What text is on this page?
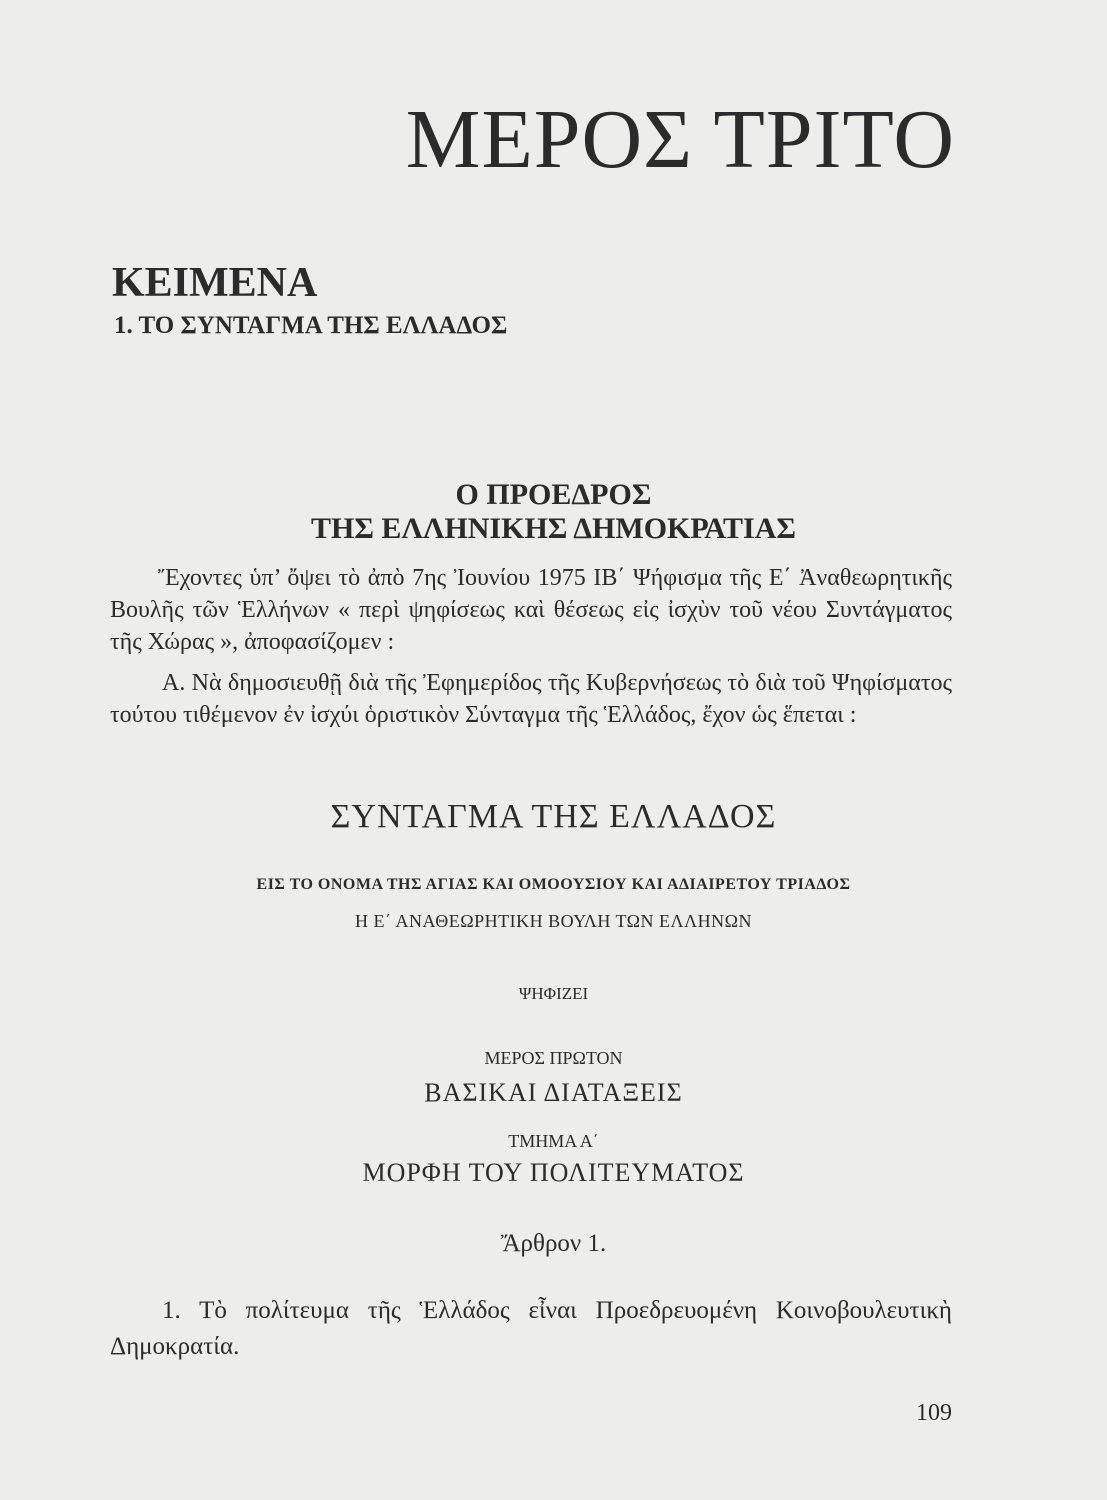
ΜΕΡΟΣ ΤΡΙΤΟ
ΚΕΙΜΕΝΑ
1. ΤΟ ΣΥΝΤΑΓΜΑ ΤΗΣ ΕΛΛΑΔΟΣ
Ο ΠΡΟΕΔΡΟΣ
ΤΗΣ ΕΛΛΗΝΙΚΗΣ ΔΗΜΟΚΡΑΤΙΑΣ

Ἔχοντες ὑπ’ ὄψει τὸ ἀπὸ 7ης Ἰουνίου 1975 ΙΒ΄ Ψήφισμα τῆς Ε΄ Ἀναθεωρητικῆς Βουλῆς τῶν Ἑλλήνων « περὶ ψηφίσεως καὶ θέσεως εἰς ἰσχὺν τοῦ νέου Συντάγματος τῆς Χώρας », ἀποφασίζομεν :

Α. Νὰ δημοσιευθῇ διὰ τῆς Ἐφημερίδος τῆς Κυβερνήσεως τὸ διὰ τοῦ Ψηφίσματος τούτου τιθέμενον ἐν ἰσχύι ὁριστικὸν Σύνταγμα τῆς Ἑλλάδος, ἔχον ὡς ἕπεται :

ΣΥΝΤΑΓΜΑ ΤΗΣ ΕΛΛΑΔΟΣ
ΕΙΣ ΤΟ ΟΝΟΜΑ ΤΗΣ ΑΓΙΑΣ ΚΑΙ ΟΜΟΟΥΣΙΟΥ ΚΑΙ ΑΔΙΑΙΡΕΤΟΥ ΤΡΙΑΔΟΣ
Η Ε΄ ΑΝΑΘΕΩΡΗΤΙΚΗ ΒΟΥΛΗ ΤΩΝ ΕΛΛΗΝΩΝ
ΨΗΦΙΖΕΙ
ΜΕΡΟΣ ΠΡΩΤΟΝ
ΒΑΣΙΚΑΙ ΔΙΑΤΑΞΕΙΣ
ΤΜΗΜΑ Α΄
ΜΟΡΦΗ ΤΟΥ ΠΟΛΙΤΕΥΜΑΤΟΣ
Ἄρθρον 1.

1. Τὸ πολίτευμα τῆς Ἑλλάδος εἶναι Προεδρευομένη Κοινοβουλευτικὴ Δημοκρατία.

109
